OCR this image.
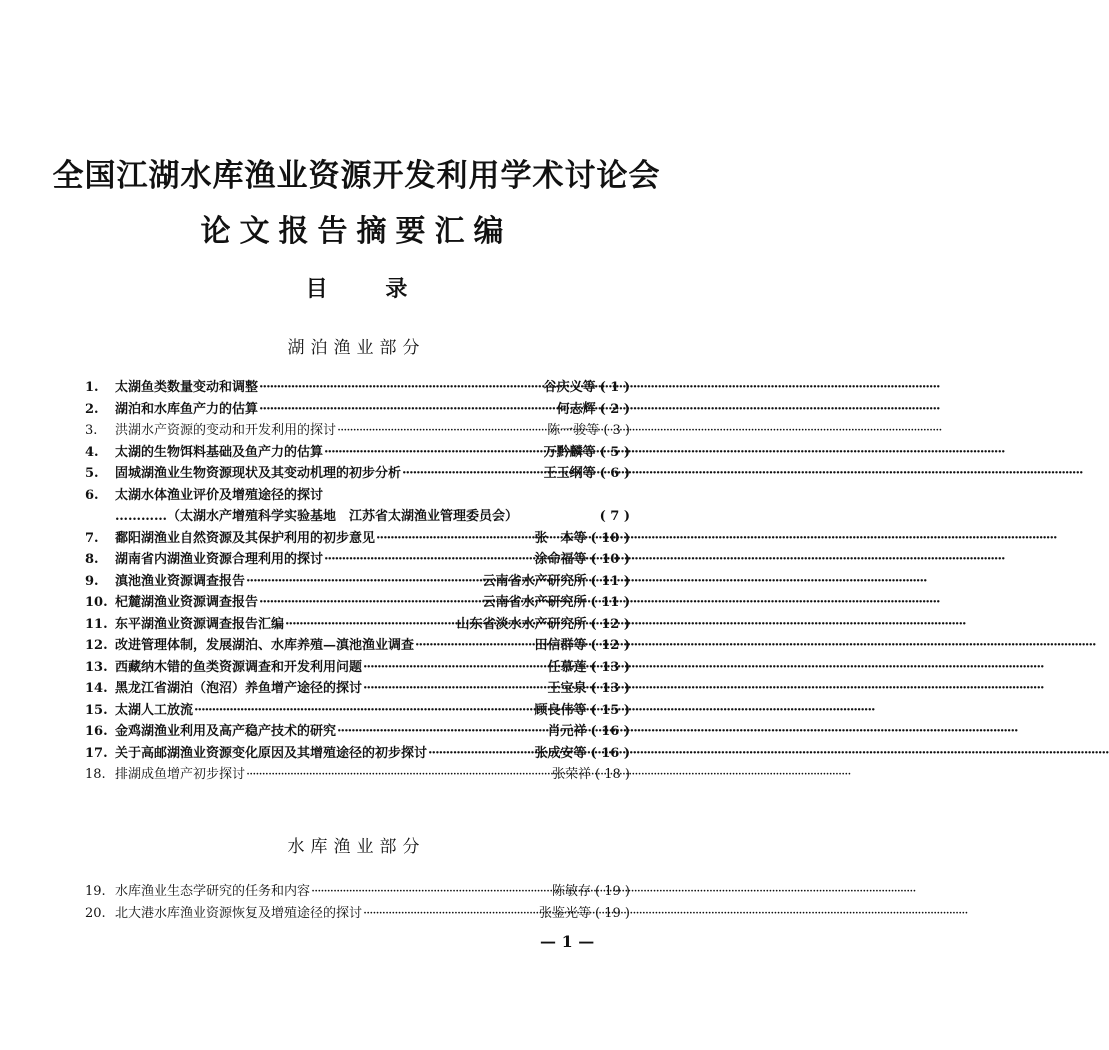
全国江湖水库渔业资源开发利用学术讨论会
论文报告摘要汇编
目 录
湖泊渔业部分
1.	太湖鱼类数量变动和调整 ·····	谷庆义等 ( 1 )
2.	湖泊和水库鱼产力的估算 ·····	何志辉 ( 2 )
3.	洪湖水产资源的变动和开发利用的探讨 ·····	陈一骏等 ( 3 )
4.	太湖的生物饵料基础及鱼产力的估算 ·····	万黔麟等 ( 5 )
5.	固城湖渔业生物资源现状及其变动机理的初步分析 ·····	王玉纲等 ( 6 )
6.	太湖水体渔业评价及增殖途径的探讨
…………（太湖水产增殖科学实验基地　江苏省太湖渔业管理委员会）	( 7 )
7.	鄱阳湖渔业自然资源及其保护利用的初步意见 ·····	张　本等 ( 10 )
8.	湖南省内湖渔业资源合理利用的探讨 ·····	涂命福等 ( 10 )
9.	滇池渔业资源调查报告 ·····	云南省水产研究所 ( 11 )
10. 杞麓湖渔业资源调查报告 ·····	云南省水产研究所 ( 11 )
11. 东平湖渔业资源调查报告汇编 ·····	山东省淡水水产研究所 ( 12 )
12. 改进管理体制，发展湖泊、水库养殖—滇池渔业调查 ·····	田信群等 ( 12 )
13. 西藏纳木错的鱼类资源调查和开发利用问题 ·····	任慕莲 ( 13 )
14. 黑龙江省湖泊（泡沼）养鱼增产途径的探讨 ·····	王宝泉 ( 13 )
15. 太湖人工放流 ·····	顾良伟等 ( 15 )
16. 金鸡湖渔业利用及高产稳产技术的研究 ·····	肖元祥 ( 16 )
17. 关于高邮湖渔业资源变化原因及其增殖途径的初步探讨 ·····	张成安等 ( 16 )
18. 排湖成鱼增产初步探讨 ·····	张荣祥 ( 18 )
水库渔业部分
19. 水库渔业生态学研究的任务和内容 ·····	陈敏存 ( 19 )
20. 北大港水库渔业资源恢复及增殖途径的探讨 ·····	张鉴光等 ( 19 )
— 1 —
